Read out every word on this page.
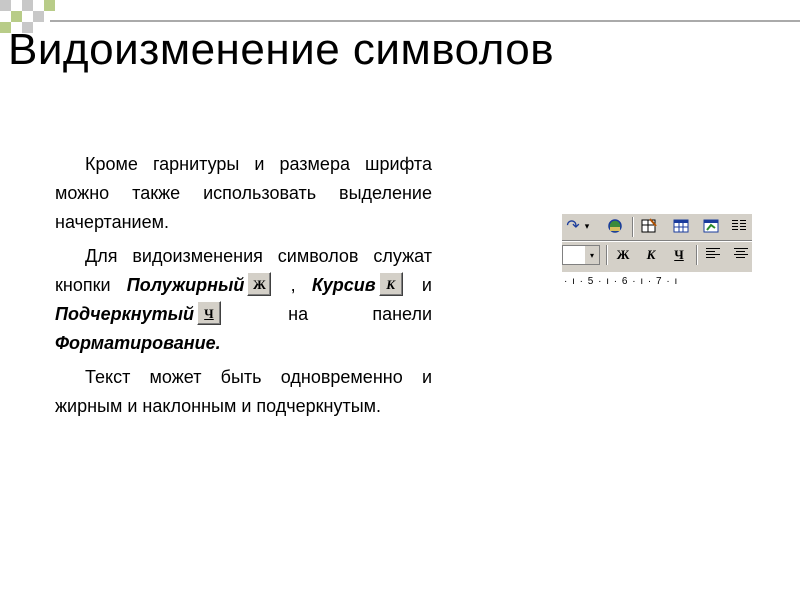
Видоизменение символов

Кроме гарнитуры и размера шрифта можно также использовать выделение начертанием.

Для видоизменения символов служат кнопки Полужирный Ж , Курсив К и Подчеркнутый Ч на панели Форматирование.

Текст может быть одновременно и жирным и наклонным и подчеркнутым.

↷ ▾
▾	Ж	К	Ч
· ı · 5 · ı · 6 · ı · 7 · ı
